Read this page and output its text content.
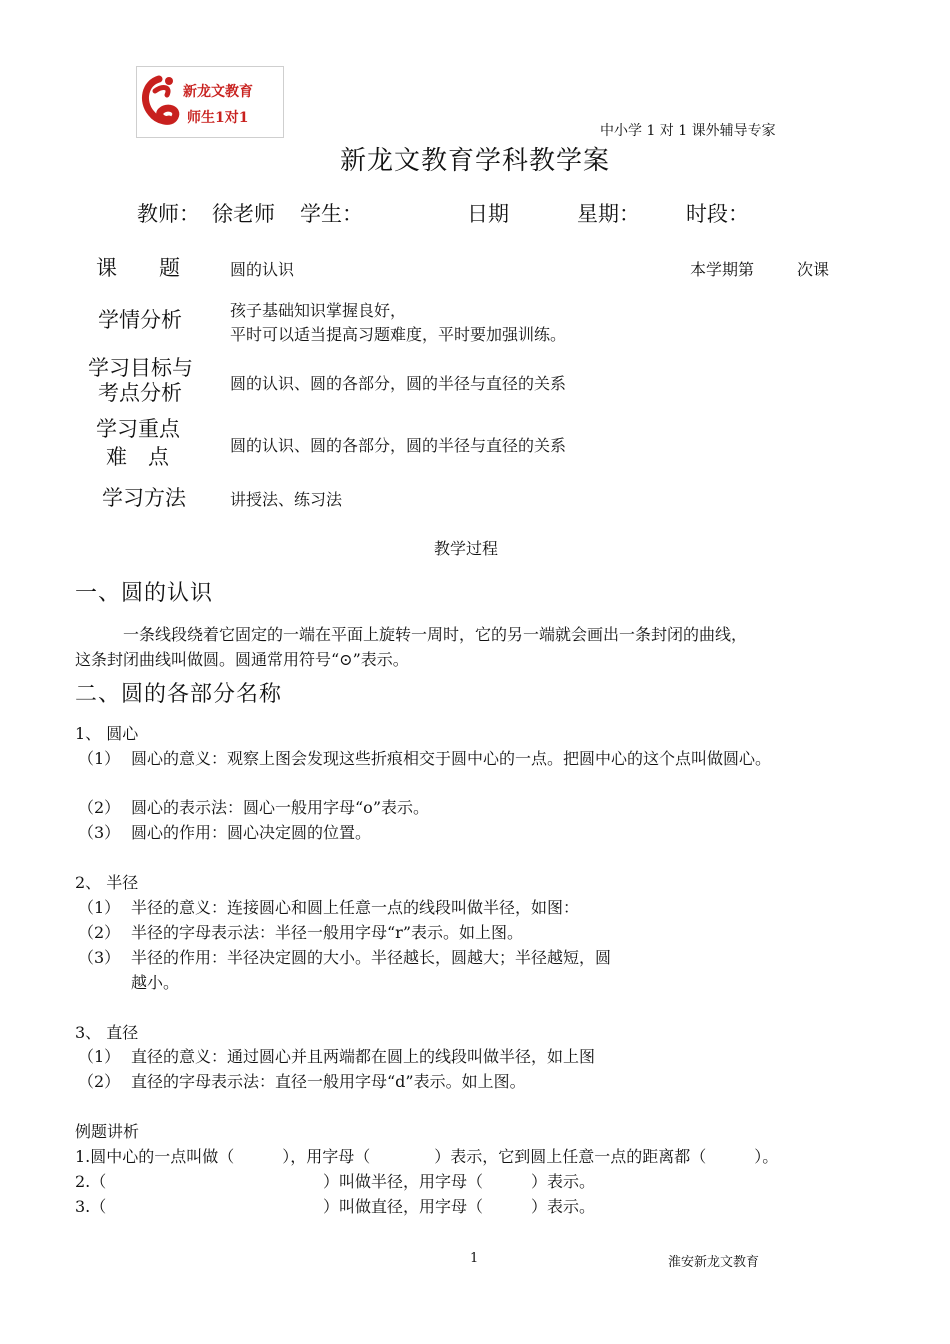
新龙文教育
师生1对1
中小学 1 对 1 课外辅导专家
新龙文教育学科教学案
教师： 徐老师 学生：	日期	星期： 时段：
课　　题	圆的认识	本学期第	次课
学情分析	孩子基础知识掌握良好，
平时可以适当提高习题难度，平时要加强训练。
学习目标与
考点分析	圆的认识、圆的各部分，圆的半径与直径的关系
学习重点
难　点	圆的认识、圆的各部分，圆的半径与直径的关系
学习方法	讲授法、练习法
教学过程
一、圆的认识
一条线段绕着它固定的一端在平面上旋转一周时，它的另一端就会画出一条封闭的曲线，
这条封闭曲线叫做圆。圆通常用符号“⊙”表示。
二、圆的各部分名称
1、 圆心
（1） 圆心的意义：观察上图会发现这些折痕相交于圆中心的一点。把圆中心的这个点叫做圆心。
（2） 圆心的表示法：圆心一般用字母“o”表示。
（3） 圆心的作用：圆心决定圆的位置。
2、 半径
（1） 半径的意义：连接圆心和圆上任意一点的线段叫做半径，如图：
（2） 半径的字母表示法：半径一般用字母“r”表示。如上图。
（3） 半径的作用：半径决定圆的大小。半径越长，圆越大；半径越短，圆
越小。
3、 直径
（1） 直径的意义：通过圆心并且两端都在圆上的线段叫做半径，如上图
（2） 直径的字母表示法：直径一般用字母“d”表示。如上图。
例题讲析
1.圆中心的一点叫做（　　　），用字母（　　　　）表示，它到圆上任意一点的距离都（　　　）。
2.（	）叫做半径，用字母（　　　）表示。
3.（	）叫做直径，用字母（　　　）表示。
1	淮安新龙文教育
